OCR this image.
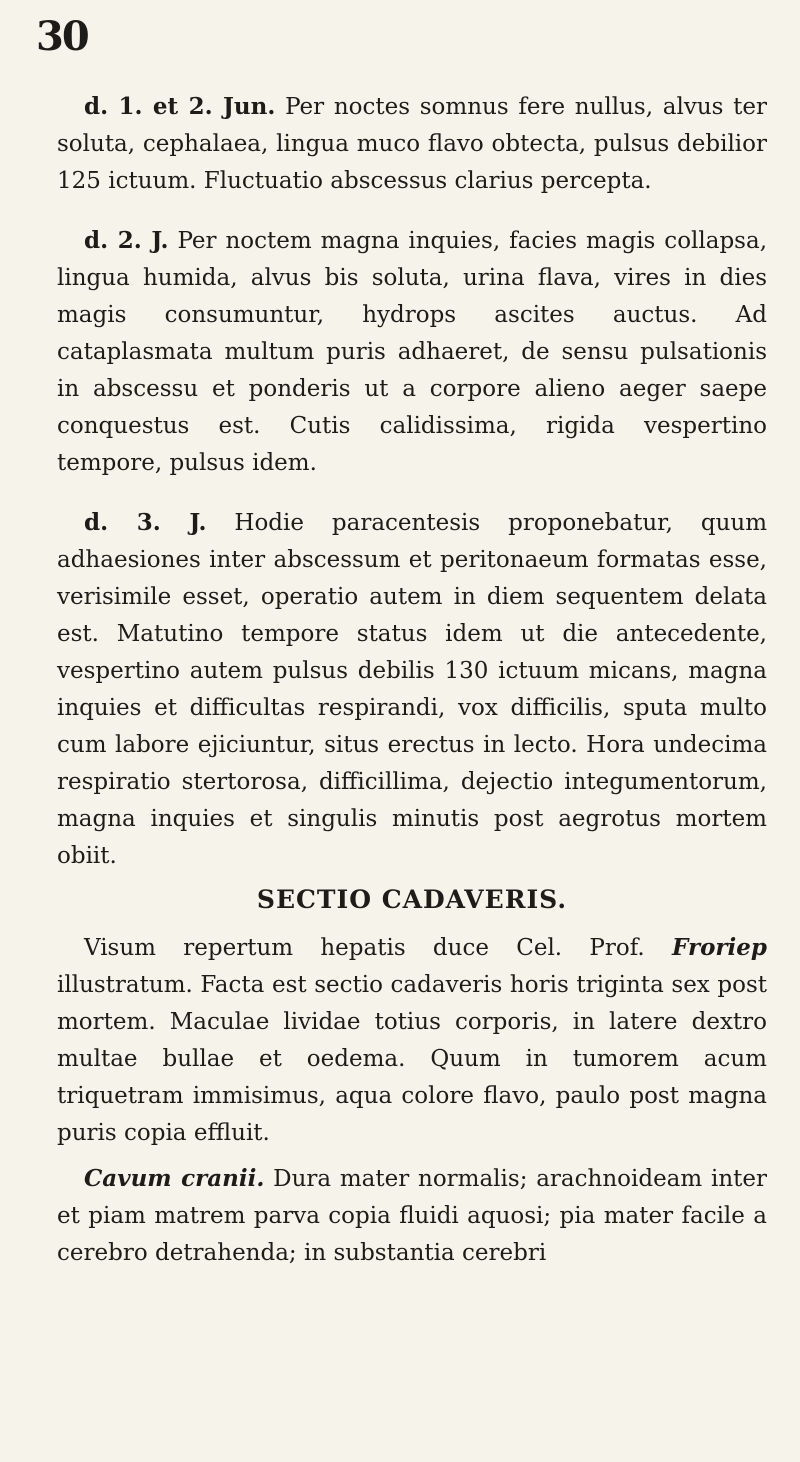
30

d. 1. et 2. Jun. Per noctes somnus fere nullus, alvus ter soluta, cephalaea, lingua muco flavo obtecta, pulsus debilior 125 ictuum. Fluctuatio abscessus clarius percepta.

d. 2. J. Per noctem magna inquies, facies magis collapsa, lingua humida, alvus bis soluta, urina flava, vires in dies magis consumuntur, hydrops ascites auctus. Ad cataplasmata multum puris adhaeret, de sensu pulsationis in abscessu et ponderis ut a corpore alieno aeger saepe conquestus est. Cutis calidissima, rigida vespertino tempore, pulsus idem.

d. 3. J. Hodie paracentesis proponebatur, quum adhaesiones inter abscessum et peritonaeum formatas esse, verisimile esset, operatio autem in diem sequentem delata est. Matutino tempore status idem ut die antecedente, vespertino autem pulsus debilis 130 ictuum micans, magna inquies et difficultas respirandi, vox difficilis, sputa multo cum labore ejiciuntur, situs erectus in lecto. Hora undecima respiratio stertorosa, difficillima, dejectio integumentorum, magna inquies et singulis minutis post aegrotus mortem obiit.

SECTIO CADAVERIS.

Visum repertum hepatis duce Cel. Prof. Froriep illustratum. Facta est sectio cadaveris horis triginta sex post mortem. Maculae lividae totius corporis, in latere dextro multae bullae et oedema. Quum in tumorem acum triquetram immisimus, aqua colore flavo, paulo post magna puris copia effluit.

Cavum cranii. Dura mater normalis; arachnoideam inter et piam matrem parva copia fluidi aquosi; pia mater facile a cerebro detrahenda; in substantia cerebri
